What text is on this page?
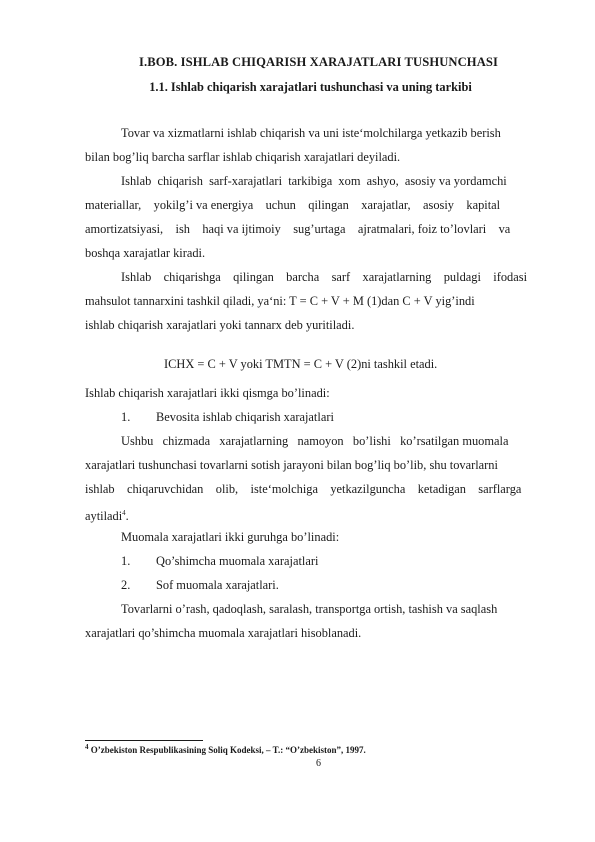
I.BOB. ISHLAB CHIQARISH XARAJATLARI TUSHUNCHASI
1.1. Ishlab chiqarish xarajatlari tushunchasi va uning tarkibi
Tovar va xizmatlarni ishlab chiqarish va uni iste‘molchilarga yetkazib berish
bilan bog’liq barcha sarflar ishlab chiqarish xarajatlari deyiladi.
Ishlab  chiqarish  sarf-xarajatlari  tarkibiga  xom  ashyo,  asosiy va yordamchi
materiallar,    yokilg’i va energiya    uchun    qilingan    xarajatlar,    asosiy    kapital
amortizatsiyasi,    ish    haqi va ijtimoiy    sug’urtaga    ajratmalari, foiz to’lovlari    va
boshqa xarajatlar kiradi.
Ishlab    chiqarishga    qilingan    barcha    sarf    xarajatlarning    puldagi    ifodasi
mahsulot tannarxini tashkil qiladi, ya‘ni: T = C + V + M (1)dan C + V yig’indi
ishlab chiqarish xarajatlari yoki tannarx deb yuritiladi.
ICHX = C + V yoki TMTN = C + V (2)ni tashkil etadi.
Ishlab chiqarish xarajatlari ikki qismga bo’linadi:
1. Bevosita ishlab chiqarish xarajatlari
Ushbu   chizmada   xarajatlarning   namoyon   bo’lishi   ko’rsatilgan muomala
xarajatlari tushunchasi tovarlarni sotish jarayoni bilan bog’liq bo’lib, shu tovarlarni
ishlab    chiqaruvchidan    olib,    iste‘molchiga    yetkazilguncha    ketadigan    sarflarga
aytiladi$^4$.
Muomala xarajatlari ikki guruhga bo’linadi:
1. Qo’shimcha muomala xarajatlari
2. Sof muomala xarajatlari.
Tovarlarni o’rash, qadoqlash, saralash, transportga ortish, tashish va saqlash
xarajatlari qo’shimcha muomala xarajatlari hisoblanadi.
$^4$ O’zbekiston Respublikasining Soliq Kodeksi, – T.: “O’zbekiston”, 1997.
6
